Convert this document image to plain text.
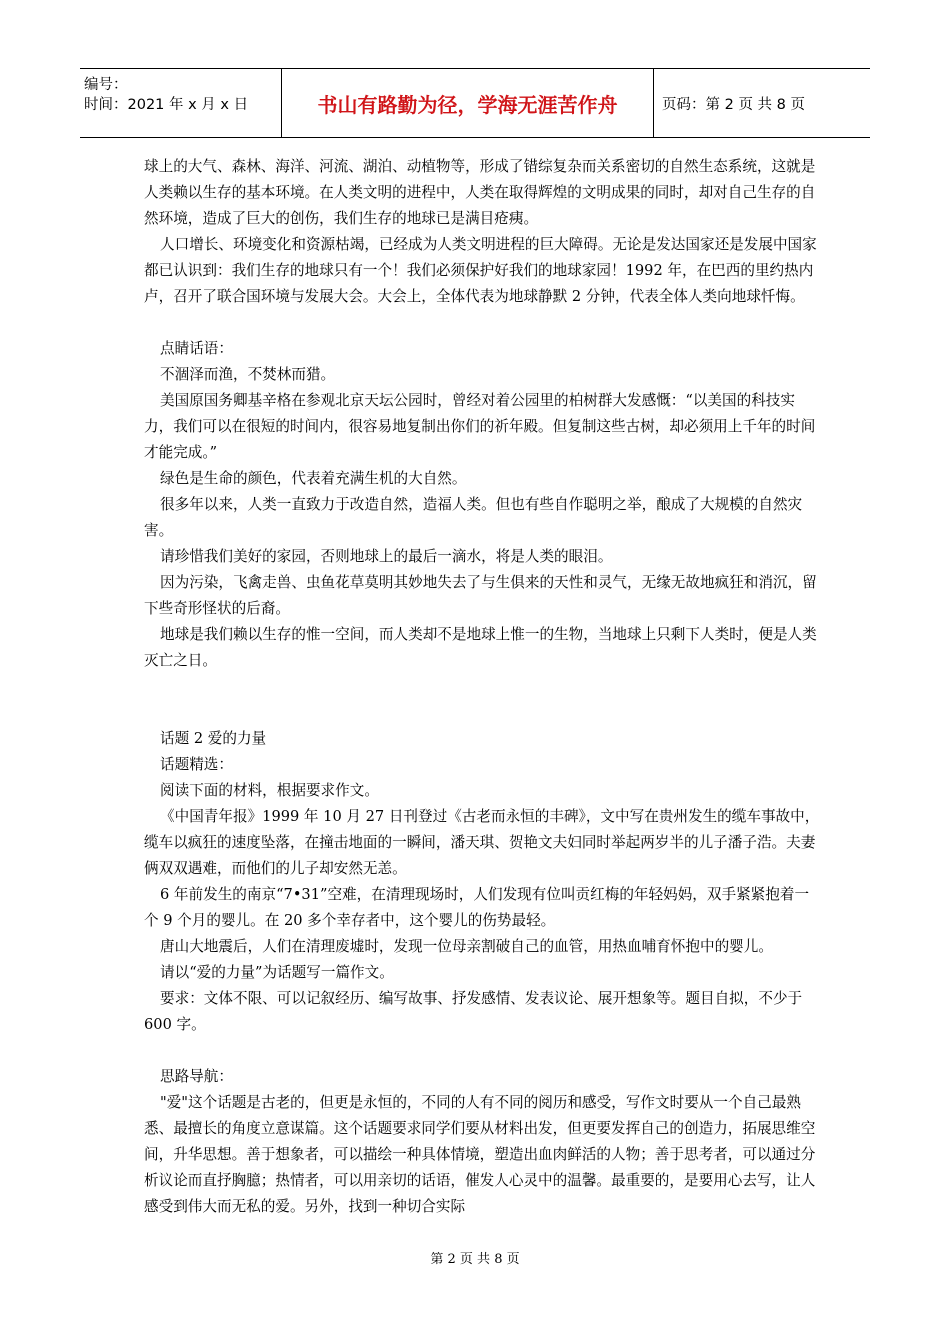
编号：
时间：2021 年 x 月 x 日	书山有路勤为径，学海无涯苦作舟	页码：第 2 页 共 8 页

球上的大气、森林、海洋、河流、湖泊、动植物等，形成了错综复杂而关系密切的自然生态系统，这就是人类赖以生存的基本环境。在人类文明的进程中，人类在取得辉煌的文明成果的同时，却对自己生存的自然环境，造成了巨大的创伤，我们生存的地球已是满目疮痍。

人口增长、环境变化和资源枯竭，已经成为人类文明进程的巨大障碍。无论是发达国家还是发展中国家都已认识到：我们生存的地球只有一个！我们必须保护好我们的地球家园！1992 年，在巴西的里约热内卢，召开了联合国环境与发展大会。大会上，全体代表为地球静默 2 分钟，代表全体人类向地球忏悔。

点睛话语：

不涸泽而渔，不焚林而猎。

美国原国务卿基辛格在参观北京天坛公园时，曾经对着公园里的柏树群大发感慨：“以美国的科技实力，我们可以在很短的时间内，很容易地复制出你们的祈年殿。但复制这些古树，却必须用上千年的时间才能完成。”

绿色是生命的颜色，代表着充满生机的大自然。

很多年以来，人类一直致力于改造自然，造福人类。但也有些自作聪明之举，酿成了大规模的自然灾害。

请珍惜我们美好的家园，否则地球上的最后一滴水，将是人类的眼泪。

因为污染，飞禽走兽、虫鱼花草莫明其妙地失去了与生俱来的天性和灵气，无缘无故地疯狂和消沉，留下些奇形怪状的后裔。

地球是我们赖以生存的惟一空间，而人类却不是地球上惟一的生物，当地球上只剩下人类时，便是人类灭亡之日。

话题 2 爱的力量

话题精选：

阅读下面的材料，根据要求作文。

《中国青年报》1999 年 10 月 27 日刊登过《古老而永恒的丰碑》，文中写在贵州发生的缆车事故中，缆车以疯狂的速度坠落，在撞击地面的一瞬间，潘天琪、贺艳文夫妇同时举起两岁半的儿子潘子浩。夫妻俩双双遇难，而他们的儿子却安然无恙。

6 年前发生的南京“7•31”空难，在清理现场时，人们发现有位叫贡红梅的年轻妈妈，双手紧紧抱着一个 9 个月的婴儿。在 20 多个幸存者中，这个婴儿的伤势最轻。

唐山大地震后，人们在清理废墟时，发现一位母亲割破自己的血管，用热血哺育怀抱中的婴儿。

请以“爱的力量”为话题写一篇作文。

要求：文体不限、可以记叙经历、编写故事、抒发感情、发表议论、展开想象等。题目自拟，不少于 600 字。

思路导航：

"爱"这个话题是古老的，但更是永恒的，不同的人有不同的阅历和感受，写作文时要从一个自己最熟悉、最擅长的角度立意谋篇。这个话题要求同学们要从材料出发，但更要发挥自己的创造力，拓展思维空间，升华思想。善于想象者，可以描绘一种具体情境，塑造出血肉鲜活的人物；善于思考者，可以通过分析议论而直抒胸臆；热情者，可以用亲切的话语，催发人心灵中的温馨。最重要的，是要用心去写，让人感受到伟大而无私的爱。另外，找到一种切合实际

第 2 页 共 8 页
